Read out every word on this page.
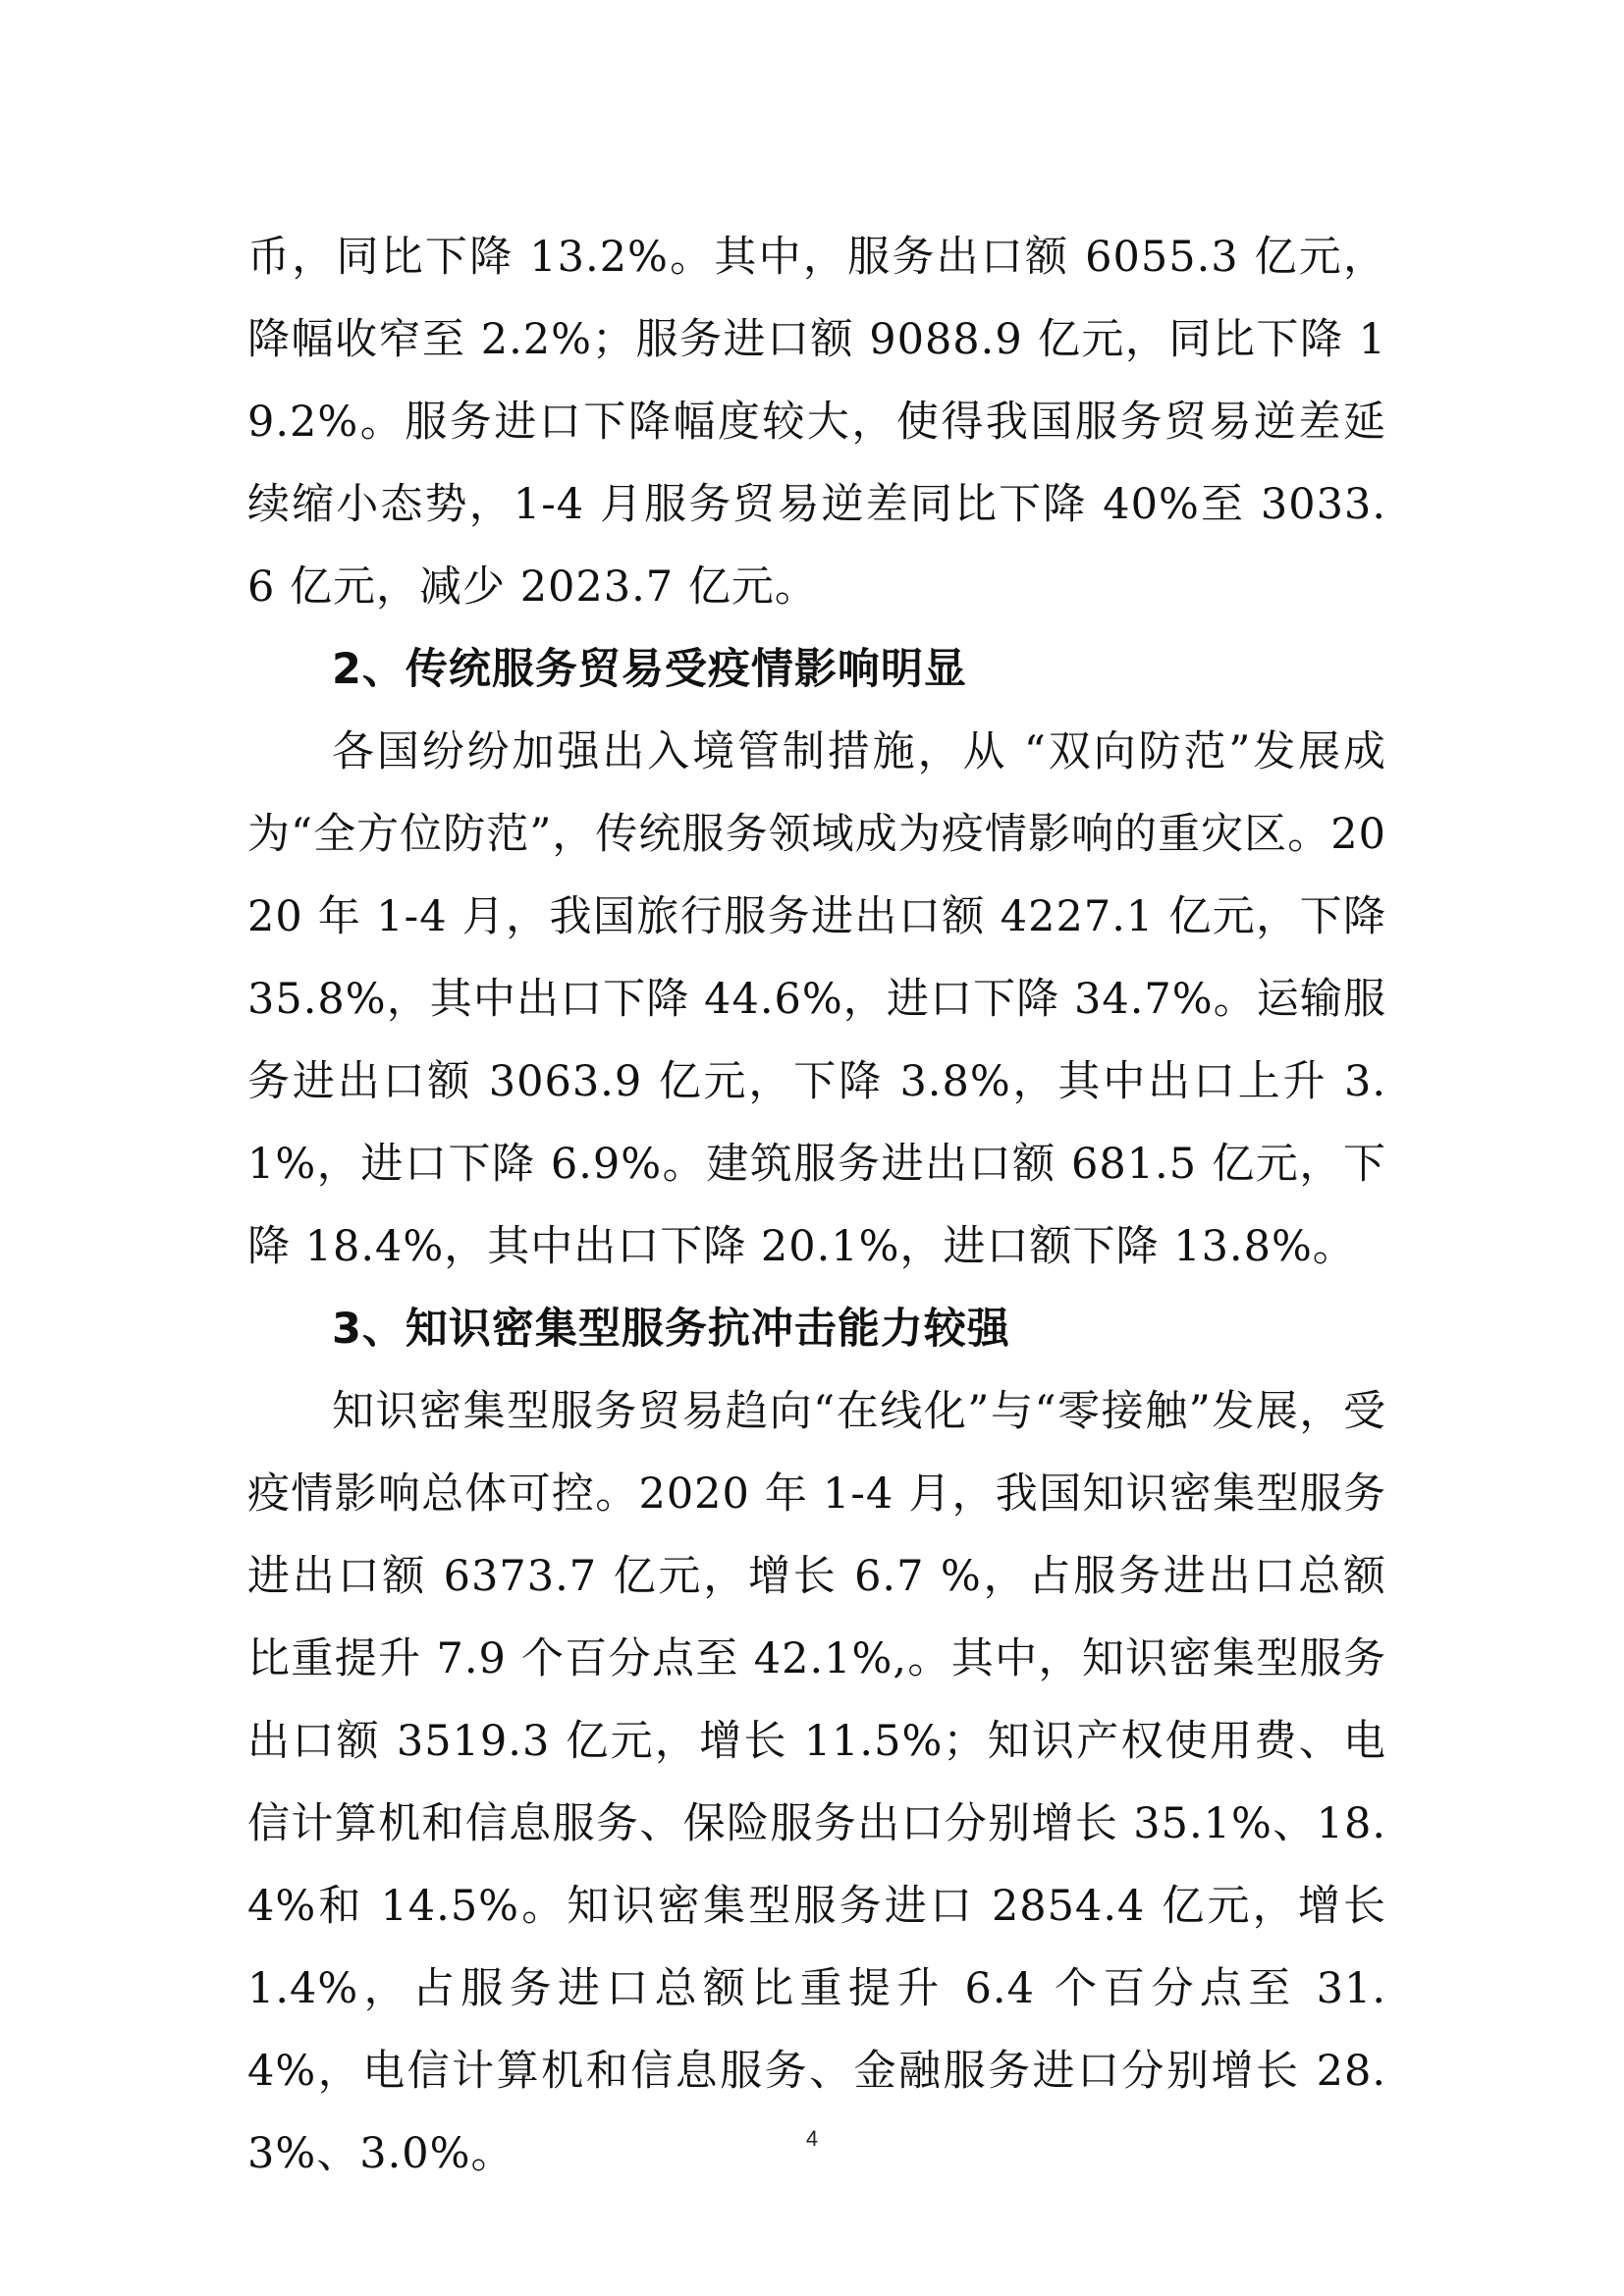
币，同比下降 13.2%。其中，服务出口额 6055.3 亿元，降幅收窄至 2.2%；服务进口额 9088.9 亿元，同比下降 19.2%。服务进口下降幅度较大，使得我国服务贸易逆差延续缩小态势，1-4 月服务贸易逆差同比下降 40%至 3033.6 亿元，减少 2023.7 亿元。

2、传统服务贸易受疫情影响明显

各国纷纷加强出入境管制措施，从 “双向防范”发展成为“全方位防范”，传统服务领域成为疫情影响的重灾区。2020 年 1-4 月，我国旅行服务进出口额 4227.1 亿元，下降 35.8%，其中出口下降 44.6%，进口下降 34.7%。运输服务进出口额 3063.9 亿元，下降 3.8%，其中出口上升 3.1%，进口下降 6.9%。建筑服务进出口额 681.5 亿元，下降 18.4%，其中出口下降 20.1%，进口额下降 13.8%。

3、知识密集型服务抗冲击能力较强

知识密集型服务贸易趋向“在线化”与“零接触”发展，受疫情影响总体可控。2020 年 1-4 月，我国知识密集型服务进出口额 6373.7 亿元，增长 6.7 %，占服务进出口总额比重提升 7.9 个百分点至 42.1%,。其中，知识密集型服务出口额 3519.3 亿元，增长 11.5%；知识产权使用费、电信计算机和信息服务、保险服务出口分别增长 35.1%、18.4%和 14.5%。知识密集型服务进口 2854.4 亿元，增长 1.4%，占服务进口总额比重提升 6.4 个百分点至 31.4%，电信计算机和信息服务、金融服务进口分别增长 28.3%、3.0%。	4
